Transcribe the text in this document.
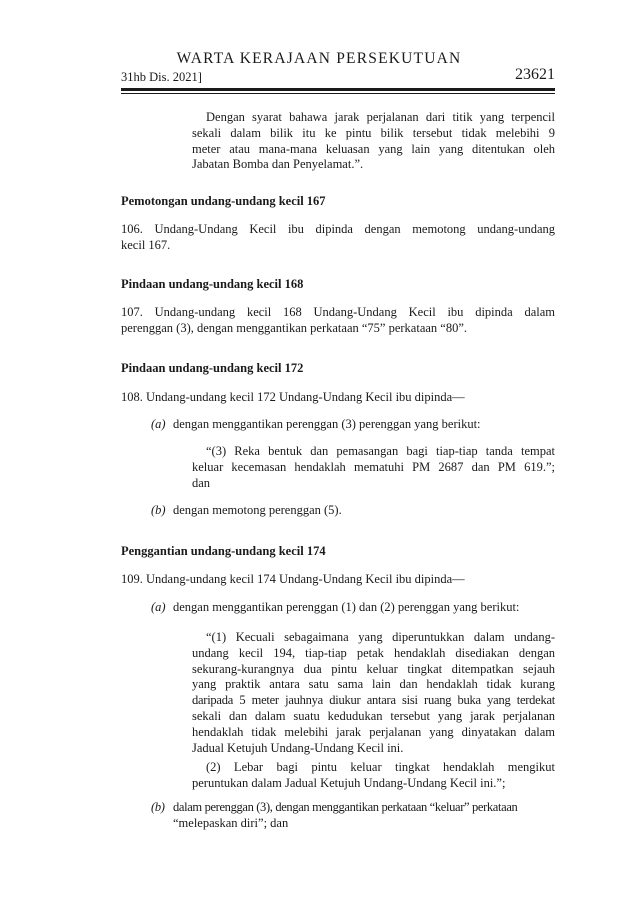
WARTA KERAJAAN PERSEKUTUAN
31hb Dis. 2021]	23621
Dengan syarat bahawa jarak perjalanan dari titik yang terpencil
sekali dalam bilik itu ke pintu bilik tersebut tidak melebihi 9
meter atau mana-mana keluasan yang lain yang ditentukan oleh
Jabatan Bomba dan Penyelamat.”.
Pemotongan undang-undang kecil 167
106. Undang-Undang Kecil ibu dipinda dengan memotong undang-undang
kecil 167.
Pindaan undang-undang kecil 168
107. Undang-undang kecil 168 Undang-Undang Kecil ibu dipinda dalam
perenggan (3), dengan menggantikan perkataan “75” perkataan “80”.
Pindaan undang-undang kecil 172
108. Undang-undang kecil 172 Undang-Undang Kecil ibu dipinda—
(a) dengan menggantikan perenggan (3) perenggan yang berikut:
“(3) Reka bentuk dan pemasangan bagi tiap-tiap tanda tempat
keluar kecemasan hendaklah mematuhi PM 2687 dan PM 619.”;
dan
(b) dengan memotong perenggan (5).
Penggantian undang-undang kecil 174
109. Undang-undang kecil 174 Undang-Undang Kecil ibu dipinda—
(a) dengan menggantikan perenggan (1) dan (2) perenggan yang berikut:
“(1) Kecuali sebagaimana yang diperuntukkan dalam undang-
undang kecil 194, tiap-tiap petak hendaklah disediakan dengan
sekurang-kurangnya dua pintu keluar tingkat ditempatkan sejauh
yang praktik antara satu sama lain dan hendaklah tidak kurang
daripada 5 meter jauhnya diukur antara sisi ruang buka yang terdekat
sekali dan dalam suatu kedudukan tersebut yang jarak perjalanan
hendaklah tidak melebihi jarak perjalanan yang dinyatakan dalam
Jadual Ketujuh Undang-Undang Kecil ini.
(2) Lebar bagi pintu keluar tingkat hendaklah mengikut
peruntukan dalam Jadual Ketujuh Undang-Undang Kecil ini.”;
(b) dalam perenggan (3), dengan menggantikan perkataan “keluar” perkataan
“melepaskan diri”; dan
